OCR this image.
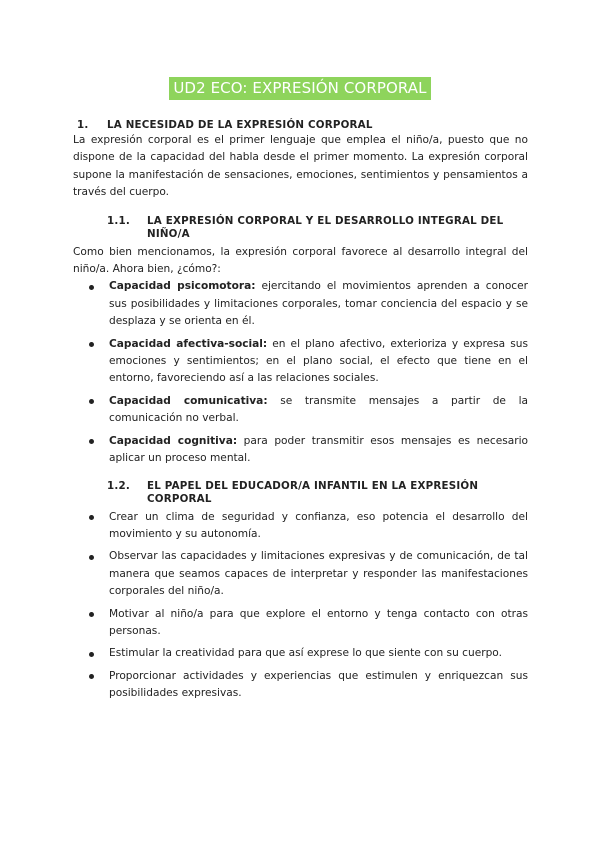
UD2 ECO: EXPRESIÓN CORPORAL
1.	LA NECESIDAD DE LA EXPRESIÓN CORPORAL

La expresión corporal es el primer lenguaje que emplea el niño/a, puesto que no dispone de la capacidad del habla desde el primer momento. La expresión corporal supone la manifestación de sensaciones, emociones, sentimientos y pensamientos a través del cuerpo.

1.1.	LA EXPRESIÓN CORPORAL Y EL DESARROLLO INTEGRAL DEL NIÑO/A

Como bien mencionamos, la expresión corporal favorece al desarrollo integral del niño/a. Ahora bien, ¿cómo?:

Capacidad psicomotora: ejercitando el movimientos aprenden a conocer sus posibilidades y limitaciones corporales, tomar conciencia del espacio y se desplaza y se orienta en él.
Capacidad afectiva-social: en el plano afectivo, exterioriza y expresa sus emociones y sentimientos; en el plano social, el efecto que tiene en el entorno, favoreciendo así a las relaciones sociales.
Capacidad comunicativa: se transmite mensajes a partir de la comunicación no verbal.
Capacidad cognitiva: para poder transmitir esos mensajes es necesario aplicar un proceso mental.
1.2.	EL PAPEL DEL EDUCADOR/A INFANTIL EN LA EXPRESIÓN CORPORAL
Crear un clima de seguridad y confianza, eso potencia el desarrollo del movimiento y su autonomía.
Observar las capacidades y limitaciones expresivas y de comunicación, de tal manera que seamos capaces de interpretar y responder las manifestaciones corporales del niño/a.
Motivar al niño/a para que explore el entorno y tenga contacto con otras personas.
Estimular la creatividad para que así exprese lo que siente con su cuerpo.
Proporcionar actividades y experiencias que estimulen y enriquezcan sus posibilidades expresivas.
